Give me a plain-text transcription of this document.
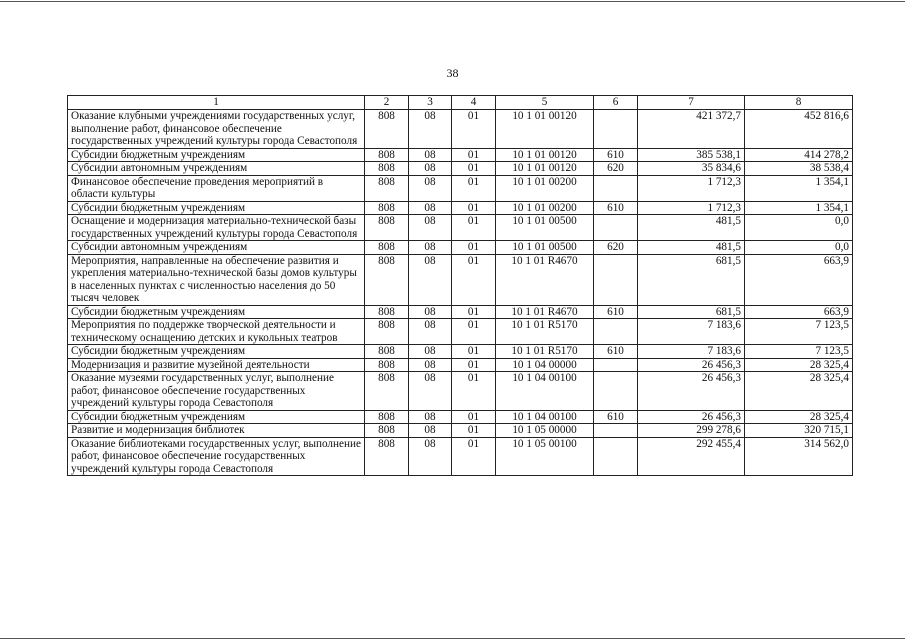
38
1	2	3	4	5	6	7	8
Оказание клубными учреждениями государственных услуг, выполнение работ, финансовое обеспечение государственных учреждений культуры города Севастополя	808	08	01	10 1 01 00120		421 372,7	452 816,6
Субсидии бюджетным учреждениям	808	08	01	10 1 01 00120	610	385 538,1	414 278,2
Субсидии автономным учреждениям	808	08	01	10 1 01 00120	620	35 834,6	38 538,4
Финансовое обеспечение проведения мероприятий в области культуры	808	08	01	10 1 01 00200		1 712,3	1 354,1
Субсидии бюджетным учреждениям	808	08	01	10 1 01 00200	610	1 712,3	1 354,1
Оснащение и модернизация материально-технической базы государственных учреждений культуры города Севастополя	808	08	01	10 1 01 00500		481,5	0,0
Субсидии автономным учреждениям	808	08	01	10 1 01 00500	620	481,5	0,0
Мероприятия, направленные на обеспечение развития и укрепления материально-технической базы домов культуры в населенных пунктах с численностью населения до 50 тысяч человек	808	08	01	10 1 01 R4670		681,5	663,9
Субсидии бюджетным учреждениям	808	08	01	10 1 01 R4670	610	681,5	663,9
Мероприятия по поддержке творческой деятельности и техническому оснащению детских и кукольных театров	808	08	01	10 1 01 R5170		7 183,6	7 123,5
Субсидии бюджетным учреждениям	808	08	01	10 1 01 R5170	610	7 183,6	7 123,5
Модернизация и развитие музейной деятельности	808	08	01	10 1 04 00000		26 456,3	28 325,4
Оказание музеями государственных услуг, выполнение работ, финансовое обеспечение государственных учреждений культуры города Севастополя	808	08	01	10 1 04 00100		26 456,3	28 325,4
Субсидии бюджетным учреждениям	808	08	01	10 1 04 00100	610	26 456,3	28 325,4
Развитие и модернизация библиотек	808	08	01	10 1 05 00000		299 278,6	320 715,1
Оказание библиотеками государственных услуг, выполнение работ, финансовое обеспечение государственных учреждений культуры города Севастополя	808	08	01	10 1 05 00100		292 455,4	314 562,0
